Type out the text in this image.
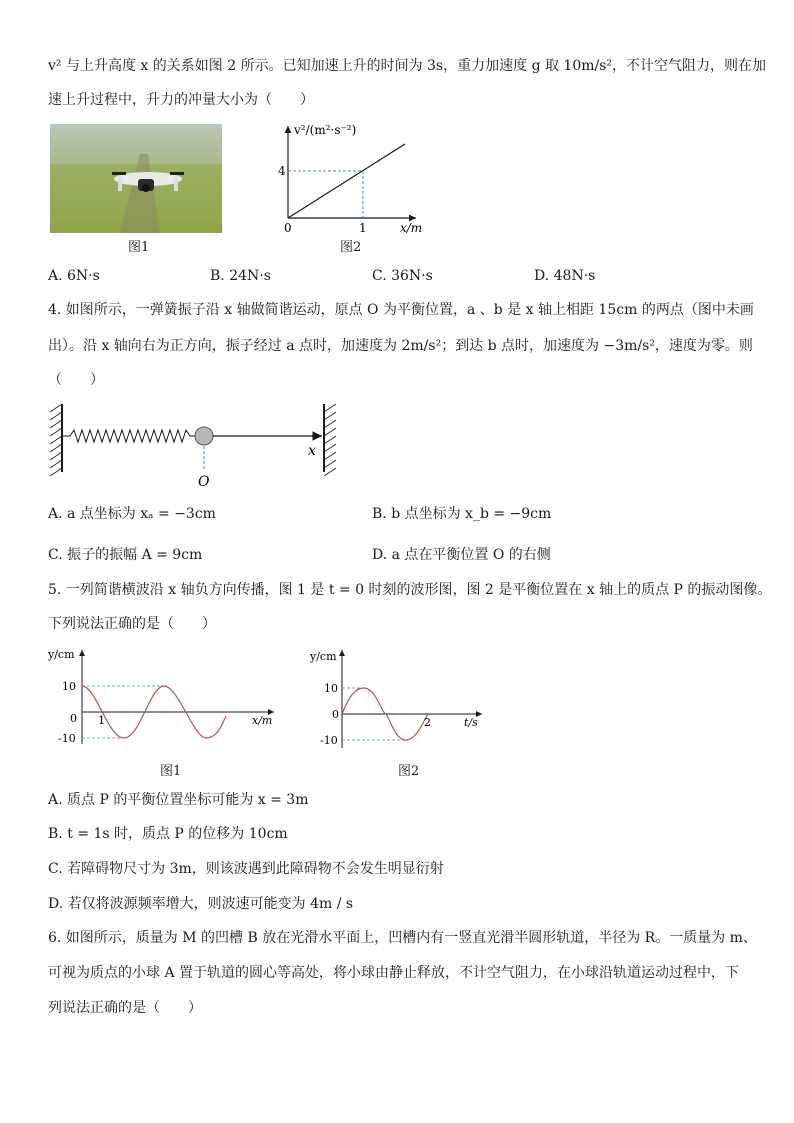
v² 与上升高度 x 的关系如图 2 所示。已知加速上升的时间为 3s，重力加速度 g 取 10m/s²，不计空气阻力，则在加
速上升过程中，升力的冲量大小为（　　）
图1
v²/(m²·s⁻²)
4
1
0	x/m
图2
A. 6N·s	B. 24N·s	C. 36N·s	D. 48N·s
4. 如图所示，一弹簧振子沿 x 轴做简谐运动，原点 O 为平衡位置，a 、b 是 x 轴上相距 15cm 的两点（图中未画
出）。沿 x 轴向右为正方向，振子经过 a 点时，加速度为 2m/s²；到达 b 点时，加速度为 −3m/s²，速度为零。则
（　　）
x
O
A. a 点坐标为 xₐ = −3cm	B. b 点坐标为 x_b = −9cm
C. 振子的振幅 A = 9cm	D. a 点在平衡位置 O 的右侧
5. 一列简谐横波沿 x 轴负方向传播，图 1 是 t = 0 时刻的波形图，图 2 是平衡位置在 x 轴上的质点 P 的振动图像。
下列说法正确的是（　　）
y/cm
10
0 1
-10
x/m
图1
y/cm
10
0
2
-10
t/s
图2
A. 质点 P 的平衡位置坐标可能为 x = 3m
B. t = 1s 时，质点 P 的位移为 10cm
C. 若障碍物尺寸为 3m，则该波遇到此障碍物不会发生明显衍射
D. 若仅将波源频率增大，则波速可能变为 4m / s
6. 如图所示，质量为 M 的凹槽 B 放在光滑水平面上，凹槽内有一竖直光滑半圆形轨道，半径为 R。一质量为 m、
可视为质点的小球 A 置于轨道的圆心等高处，将小球由静止释放，不计空气阻力，在小球沿轨道运动过程中，下
列说法正确的是（　　）
